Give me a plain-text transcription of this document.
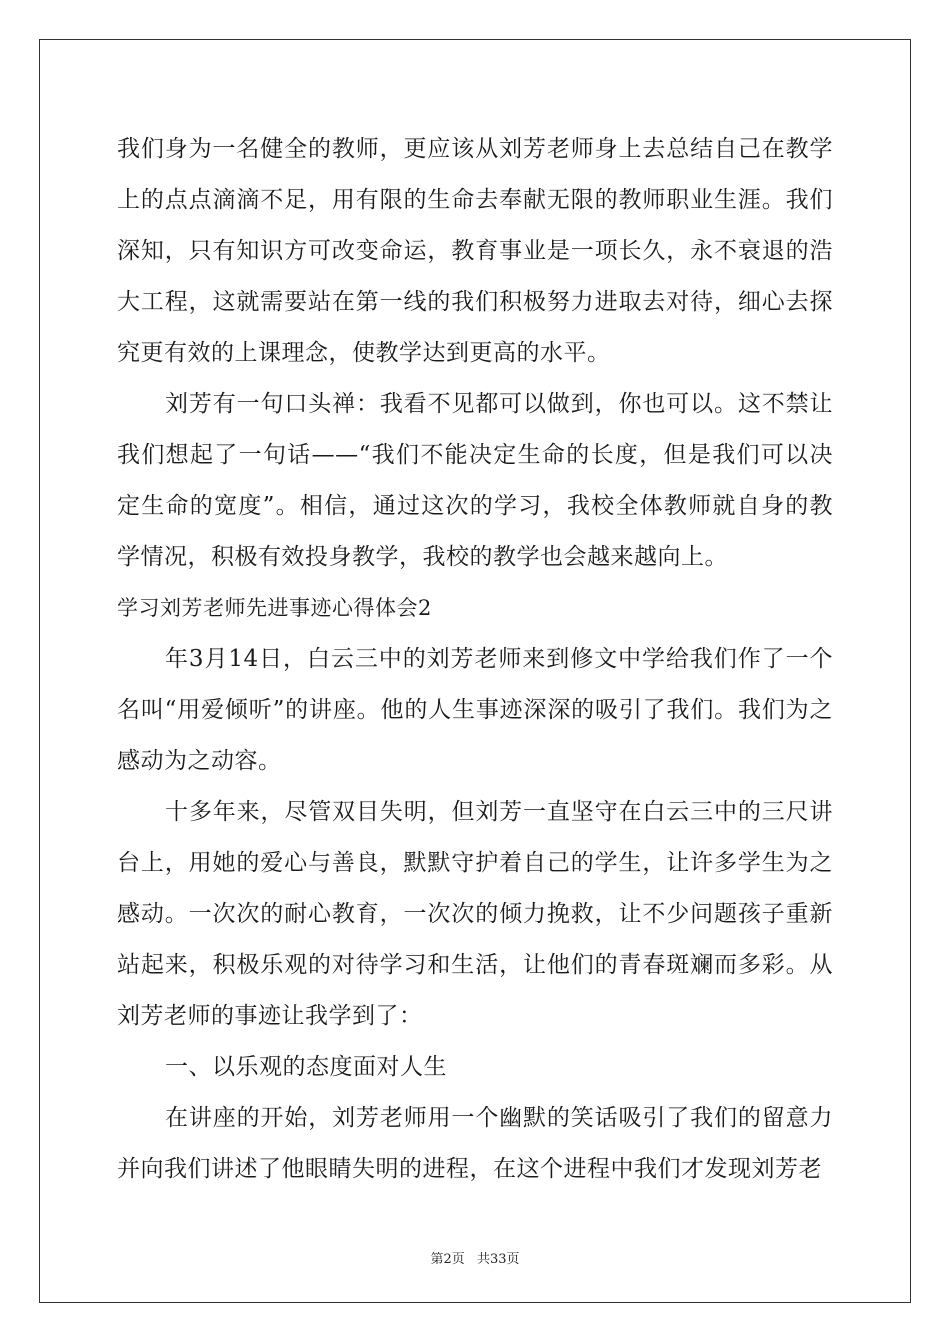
我们身为一名健全的教师，更应该从刘芳老师身上去总结自己在教学上的点点滴滴不足，用有限的生命去奉献无限的教师职业生涯。我们深知，只有知识方可改变命运，教育事业是一项长久，永不衰退的浩大工程，这就需要站在第一线的我们积极努力进取去对待，细心去探究更有效的上课理念，使教学达到更高的水平。

刘芳有一句口头禅：我看不见都可以做到，你也可以。这不禁让我们想起了一句话——“我们不能决定生命的长度，但是我们可以决定生命的宽度”。相信，通过这次的学习，我校全体教师就自身的教学情况，积极有效投身教学，我校的教学也会越来越向上。

学习刘芳老师先进事迹心得体会2

年3月14日，白云三中的刘芳老师来到修文中学给我们作了一个名叫“用爱倾听”的讲座。他的人生事迹深深的吸引了我们。我们为之感动为之动容。

十多年来，尽管双目失明，但刘芳一直坚守在白云三中的三尺讲台上，用她的爱心与善良，默默守护着自己的学生，让许多学生为之感动。一次次的耐心教育，一次次的倾力挽救，让不少问题孩子重新站起来，积极乐观的对待学习和生活，让他们的青春斑斓而多彩。从刘芳老师的事迹让我学到了：

一、以乐观的态度面对人生

在讲座的开始，刘芳老师用一个幽默的笑话吸引了我们的留意力并向我们讲述了他眼睛失明的进程，在这个进程中我们才发现刘芳老

第2页 共33页
